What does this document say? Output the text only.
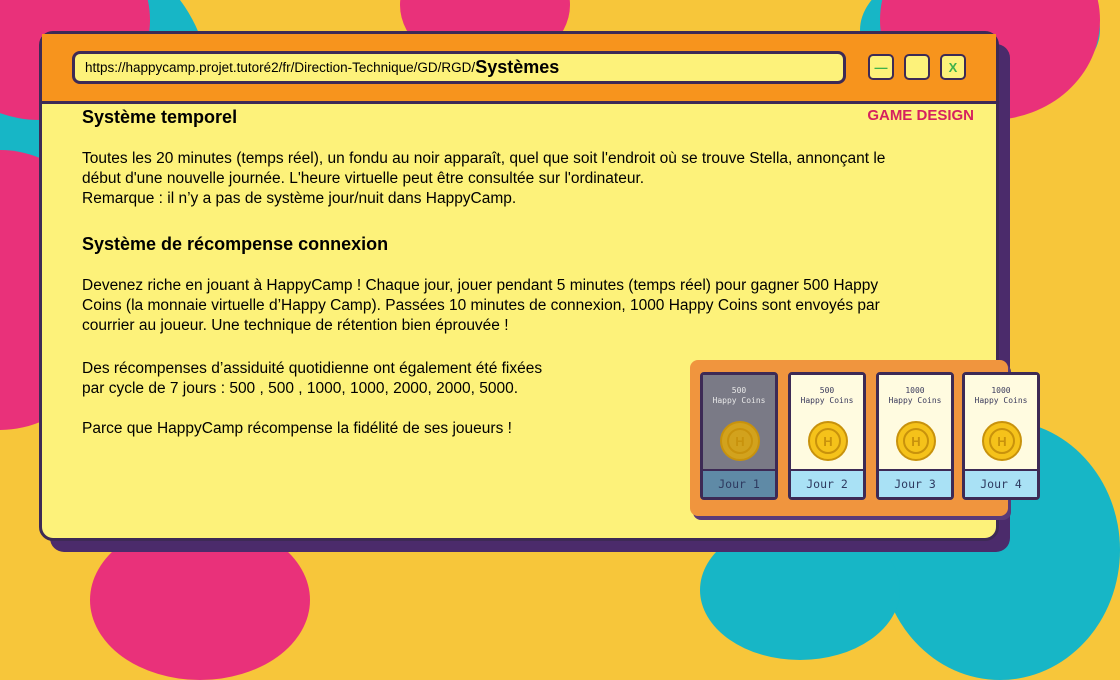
https://happycamp.projet.tutoré2/fr/Direction-Technique/GD/RGD/ Systèmes	—	X
GAME DESIGN
Système temporel
Toutes les 20 minutes (temps réel), un fondu au noir apparaît, quel que soit l'endroit où se trouve Stella, annonçant le
début d'une nouvelle journée. L'heure virtuelle peut être consultée sur l'ordinateur.
Remarque : il n’y a pas de système jour/nuit dans HappyCamp.
Système de récompense connexion
Devenez riche en jouant à HappyCamp ! Chaque jour, jouer pendant 5 minutes (temps réel) pour gagner 500 Happy
Coins (la monnaie virtuelle d’Happy Camp). Passées 10 minutes de connexion, 1000 Happy Coins sont envoyés par
courrier au joueur. Une technique de rétention bien éprouvée !
Des récompenses d’assiduité quotidienne ont également été fixées
par cycle de 7 jours : 500 , 500 , 1000, 1000, 2000, 2000, 5000.
Parce que HappyCamp récompense la fidélité de ses joueurs !
500
Happy Coins
H
Jour 1
500
Happy Coins
H
Jour 2
1000
Happy Coins
H
Jour 3
1000
Happy Coins
H
Jour 4
